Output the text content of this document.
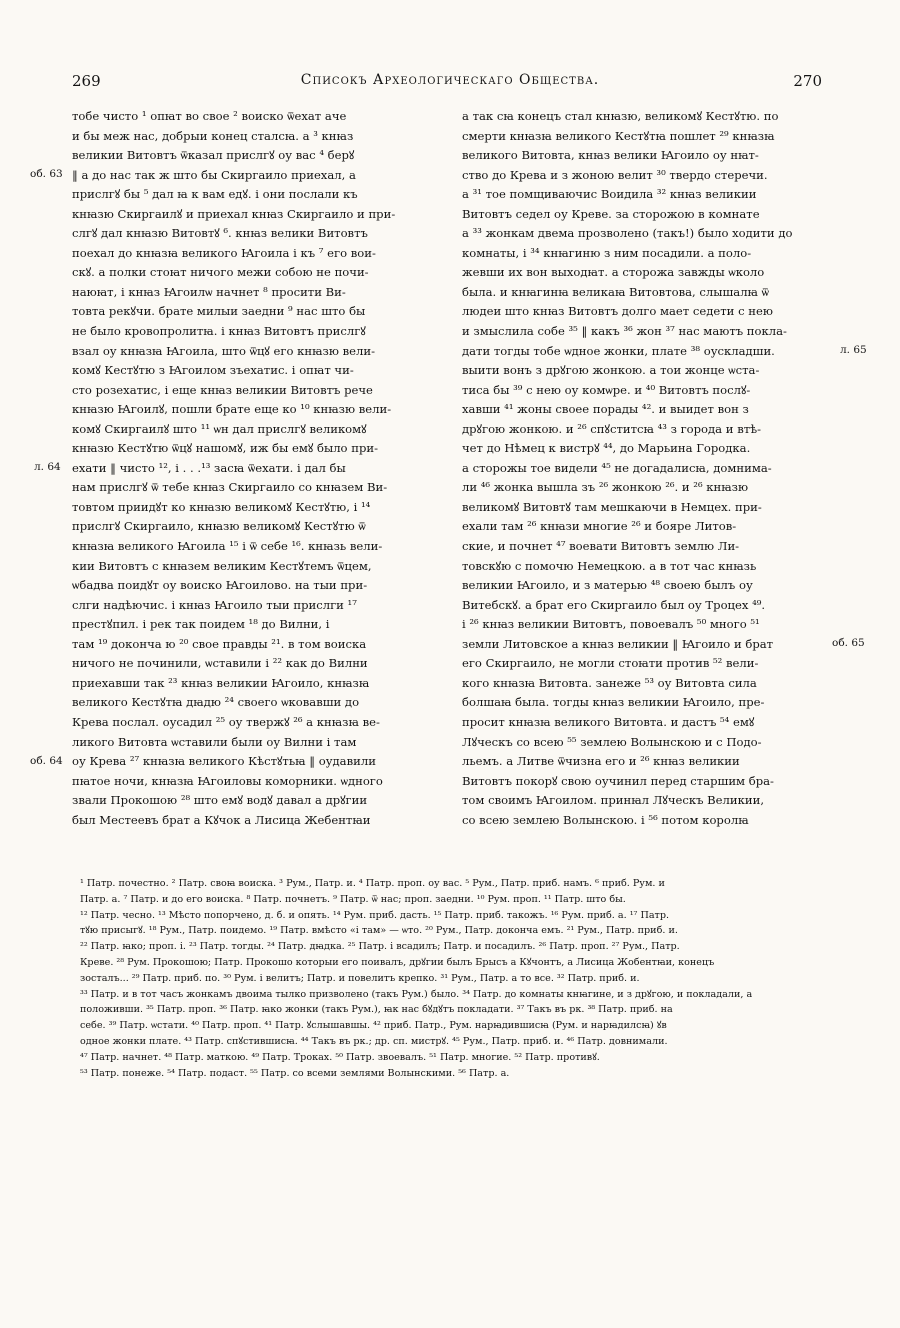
269	Списокъ Археологическаго Общества.	270
об. 63
л. 64
об. 64
л. 65
об. 65
тобе чисто ¹ опꙗт во свое ² воиско ѿехат аче
и бы меж нас, добрыи конец сталсꙗ. а ³ кнꙗз
великии Витовтъ ѿказал прислгꙋ оу вас ⁴ берꙋ
‖ а до нас так ж што бы Скиргаило приехал, а
прислгꙋ бы ⁵ дал ꙗ к вам едꙋ. і они послали къ
кнꙗзю Скиргаилꙋ и приехал кнꙗз Скиргаило и при-
слгꙋ дал кнꙗзю Витовтꙋ ⁶. кнꙗз велики Витовтъ
поехал до кнꙗзꙗ великого Ꙗгоила і къ ⁷ его вои-
скꙋ. а полки стоꙗт ничого межи собою не почи-
наюꙗт, і кнꙗз Ꙗгоилѡ начнет ⁸ просити Ви-
товта рекꙋчи. брате милыи заедни ⁹ нас што бы
не было кровопролитꙗ. і кнꙗз Витовтъ прислгꙋ
взал оу кнꙗзꙗ Ꙗгоила, што ѿцꙋ его кнꙗзю вели-
комꙋ Кестꙋтю з Ꙗгоилом зъехатис. і опꙗт чи-
сто розехатис, і еще кнꙗз великии Витовтъ рече
кнꙗзю Ꙗгоилꙋ, пошли брате еще ко ¹⁰ кнꙗзю вели-
комꙋ Скиргаилꙋ што ¹¹ ѡн дал прислгꙋ великомꙋ
кнꙗзю Кестꙋтю ѿцꙋ нашомꙋ, иж бы емꙋ было при-
ехати ‖ чисто ¹², і . . .¹³ засꙗ ѿехати. і дал бы
нам прислгꙋ ѿ тебе кнꙗз Скиргаило со кнꙗзем Ви-
товтом приидꙋт ко кнꙗзю великомꙋ Кестꙋтю, і ¹⁴
прислгꙋ Скиргаило, кнꙗзю великомꙋ Кестꙋтю ѿ
кнꙗзꙗ великого Ꙗгоила ¹⁵ і ѿ себе ¹⁶. кнꙗзь вели-
кии Витовтъ с кнꙗзем великим Кестꙋтемъ ѿцем,
ѡбадва поидꙋт оу воиско Ꙗгоилово. на тыи при-
слги надѣючис. і кнꙗз Ꙗгоило тыи прислги ¹⁷
престꙋпил. і рек так поидем ¹⁸ до Вилни, і
там ¹⁹ доконча ю ²⁰ свое правды ²¹. в том воиска
ничого не починили, ѡставили і ²² как до Вилни
приехавши так ²³ кнꙗз великии Ꙗгоило, кнꙗзꙗ
великого Кестꙋтꙗ дꙗдю ²⁴ своего ѡковавши до
Крева послал. оусадил ²⁵ оу твержꙋ ²⁶ а кнꙗзꙗ ве-
ликого Витовта ѡставили были оу Вилни і там
оу Крева ²⁷ кнꙗзꙗ великого Кѣстꙋтьꙗ ‖ оудавили
пꙗтое ночи, кнꙗзꙗ Ꙗгоиловы коморники. ѡдного
звали Прокошою ²⁸ што емꙋ водꙋ давал а дрꙋгии
был Местеевъ брат а Кꙋчок а Лисица Жебентꙗи
а так сꙗ конецъ стал кнꙗзю, великомꙋ Кестꙋтю. по
смерти кнꙗзꙗ великого Кестꙋтꙗ пошлет ²⁹ кнꙗзꙗ
великого Витовта, кнꙗз велики Ꙗгоило оу нꙗт-
ство до Крева и з жоною велит ³⁰ твердо стеречи.
а ³¹ тое помщиваючис Воидила ³² кнꙗз великии
Витовтъ седел оу Креве. за сторожою в комнате
а ³³ жонкам двема прозволено (такъ!) было ходити до
комнаты, і ³⁴ кнꙗгиню з ним посадили. а поло-
жевши их вон выходꙗт. а сторожа завжды ѡколо
была. и кнꙗгинꙗ великаꙗ Витовтова, слышалꙗ ѿ
людеи што кнꙗз Витовтъ долго мает седети с нею
и змыслила собе ³⁵ ‖ какъ ³⁶ жон ³⁷ нас маютъ покла-
дати тогды тобе ѡдное жонки, плате ³⁸ оускладши.
выити вонъ з дрꙋгою жонкою. а тои жонце ѡста-
тиса бы ³⁹ с нею оу комѡре. и ⁴⁰ Витовтъ послꙋ-
хавши ⁴¹ жоны своее порады ⁴². и выидет вон з
дрꙋгою жонкою. и ²⁶ спꙋститсꙗ ⁴³ з города и втѣ-
чет до Нѣмец к вистрꙋ ⁴⁴, до Марьина Городка.
а сторожы тое видели ⁴⁵ не догадалисꙗ, домнима-
ли ⁴⁶ жонка вышла зъ ²⁶ жонкою ²⁶. и ²⁶ кнꙗзю
великомꙋ Витовтꙋ там мешкаючи в Немцех. при-
ехали там ²⁶ кнꙗзи многие ²⁶ и бояре Литов-
ские, и почнет ⁴⁷ воевати Витовтъ землю Ли-
товскꙋю с помочю Немецкою. а в тот час кнꙗзь
великии Ꙗгоило, и з матерью ⁴⁸ своею былъ оу
Витебскꙋ. а брат его Скиргаило был оу Троцех ⁴⁹.
і ²⁶ кнꙗз великии Витовтъ, повоевалъ ⁵⁰ много ⁵¹
земли Литовское а кнꙗз великии ‖ Ꙗгоило и брат
его Скиргаило, не могли стоꙗти против ⁵² вели-
кого кнꙗзꙗ Витовта. занеже ⁵³ оу Витовта сила
болшаꙗ была. тогды кнꙗз великии Ꙗгоило, пре-
просит кнꙗзꙗ великого Витовта. и дастъ ⁵⁴ емꙋ
Лꙋческъ со всею ⁵⁵ землею Волынскою и с Подо-
льемъ. а Литве ѿчизна его и ²⁶ кнꙗз великии
Витовтъ покорꙋ свою оучинил перед старшим бра-
том своимъ Ꙗгоилом. принꙗл Лꙋческъ Великии,
со всею землею Волынскою. і ⁵⁶ потом королꙗ
¹ Патр. почестно. ² Патр. своꙗ воиска. ³ Рум., Патр. и. ⁴ Патр. проп. оу вас. ⁵ Рум., Патр. приб. намъ. ⁶ приб. Рум. и
Патр. а. ⁷ Патр. и до его воиска. ⁸ Патр. почнетъ. ⁹ Патр. ѿ нас; проп. заедни. ¹⁰ Рум. проп. ¹¹ Патр. што бы.
¹² Патр. чесно. ¹³ Мѣсто попорчено, д. б. и опять. ¹⁴ Рум. приб. дасть. ¹⁵ Патр. приб. такожъ. ¹⁶ Рум. приб. а. ¹⁷ Патр.
тꙋю присыгꙋ. ¹⁸ Рум., Патр. поидемо. ¹⁹ Патр. вмѣсто «і там» — ѡто. ²⁰ Рум., Патр. доконча емъ. ²¹ Рум., Патр. приб. и.
²² Патр. ꙗко; проп. і. ²³ Патр. тогды. ²⁴ Патр. дꙗдка. ²⁵ Патр. і всадилъ; Патр. и посадилъ. ²⁶ Патр. проп. ²⁷ Рум., Патр.
Креве. ²⁸ Рум. Прокошою; Патр. Прокошо которыи его поивалъ, дрꙋгии былъ Брысъ а Кꙋчонтъ, а Лисица Жобентꙗи, конецъ
зосталъ... ²⁹ Патр. приб. по. ³⁰ Рум. і велитъ; Патр. и повелитъ крепко. ³¹ Рум., Патр. а то все. ³² Патр. приб. и.
³³ Патр. и в тот часъ жонкамъ двоима тылко призволено (такъ Рум.) было. ³⁴ Патр. до комнаты кнꙗгине, и з дрꙋгою, и покладали, а
положивши. ³⁵ Патр. проп. ³⁶ Патр. ꙗко жонки (такъ Рум.), ꙗк нас бꙋдꙋтъ покладати. ³⁷ Такъ въ рк. ³⁸ Патр. приб. на
себе. ³⁹ Патр. ѡстати. ⁴⁰ Патр. проп. ⁴¹ Патр. ꙋслышавшы. ⁴² приб. Патр., Рум. нарꙗдившисꙗ (Рум. и нарꙗдилсꙗ) ꙋв
одное жонки плате. ⁴³ Патр. спꙋстившисꙗ. ⁴⁴ Такъ въ рк.; др. сп. мистрꙋ. ⁴⁵ Рум., Патр. приб. и. ⁴⁶ Патр. довнимали.
⁴⁷ Патр. начнет. ⁴⁸ Патр. маткою. ⁴⁹ Патр. Троках. ⁵⁰ Патр. звоевалъ. ⁵¹ Патр. многие. ⁵² Патр. противꙋ.
⁵³ Патр. понеже. ⁵⁴ Патр. подаст. ⁵⁵ Патр. со всеми землями Волынскими. ⁵⁶ Патр. а.
